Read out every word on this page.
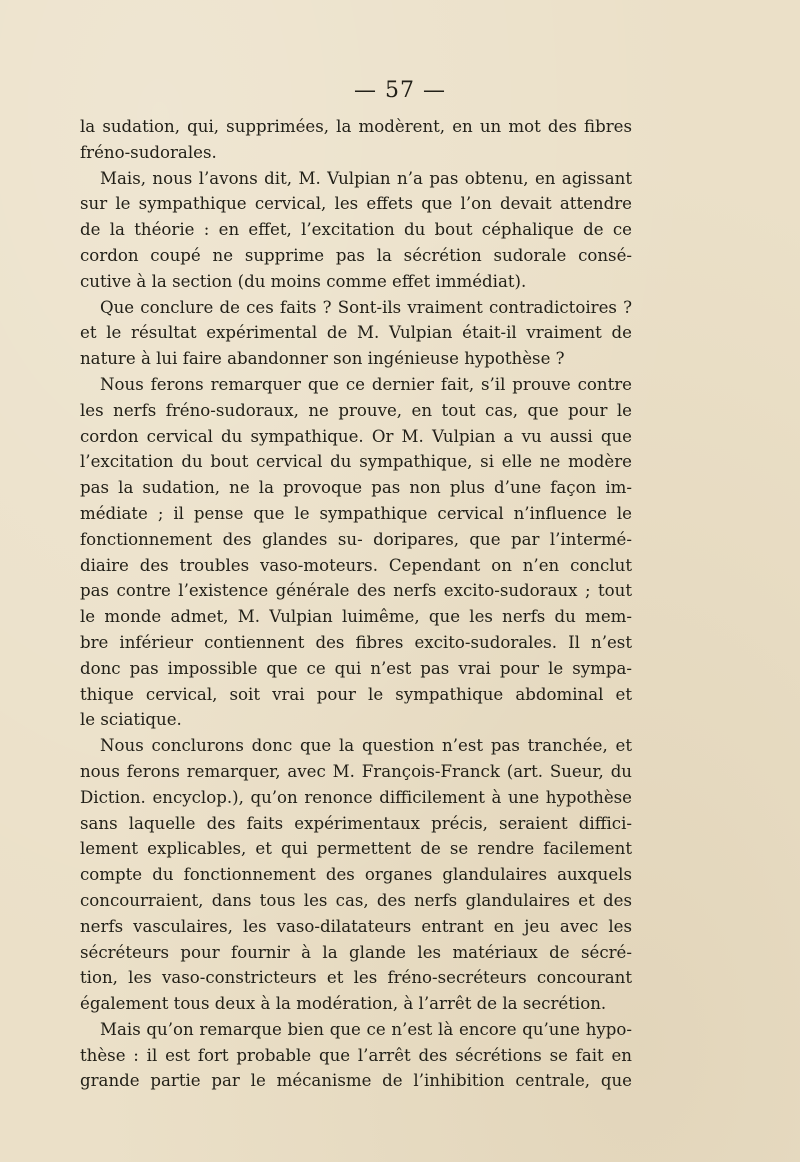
— 57 —
la sudation, qui, supprimées, la modèrent, en un mot des fibres
fréno-sudorales.
Mais, nous l’avons dit, M. Vulpian n’a pas obtenu, en agissant
sur le sympathique cervical, les effets que l’on devait attendre
de la théorie : en effet, l’excitation du bout céphalique de ce
cordon coupé ne supprime pas la sécrétion sudorale consé-
cutive à la section (du moins comme effet immédiat).
Que conclure de ces faits ? Sont-ils vraiment contradictoires ?
et le résultat expérimental de M. Vulpian était-il vraiment de
nature à lui faire abandonner son ingénieuse hypothèse ?
Nous ferons remarquer que ce dernier fait, s’il prouve contre
les nerfs fréno-sudoraux, ne prouve, en tout cas, que pour le
cordon cervical du sympathique. Or M. Vulpian a vu aussi que
l’excitation du bout cervical du sympathique, si elle ne modère
pas la sudation, ne la provoque pas non plus d’une façon im-
médiate ; il pense que le sympathique cervical n’influence le
fonctionnement des glandes su- doripares, que par l’intermé-
diaire des troubles vaso-moteurs. Cependant on n’en conclut
pas contre l’existence générale des nerfs excito-sudoraux ; tout
le monde admet, M. Vulpian luimême, que les nerfs du mem-
bre inférieur contiennent des fibres excito-sudorales. Il n’est
donc pas impossible que ce qui n’est pas vrai pour le sympa-
thique cervical, soit vrai pour le sympathique abdominal et
le sciatique.
Nous conclurons donc que la question n’est pas tranchée, et
nous ferons remarquer, avec M. François-Franck (art. Sueur, du
Diction. encyclop.), qu’on renonce difficilement à une hypothèse
sans laquelle des faits expérimentaux précis, seraient diffici-
lement explicables, et qui permettent de se rendre facilement
compte du fonctionnement des organes glandulaires auxquels
concourraient, dans tous les cas, des nerfs glandulaires et des
nerfs vasculaires, les vaso-dilatateurs entrant en jeu avec les
sécréteurs pour fournir à la glande les matériaux de sécré-
tion, les vaso-constricteurs et les fréno-secréteurs concourant
également tous deux à la modération, à l’arrêt de la secrétion.
Mais qu’on remarque bien que ce n’est là encore qu’une hypo-
thèse : il est fort probable que l’arrêt des sécrétions se fait en
grande partie par le mécanisme de l’inhibition centrale, que
